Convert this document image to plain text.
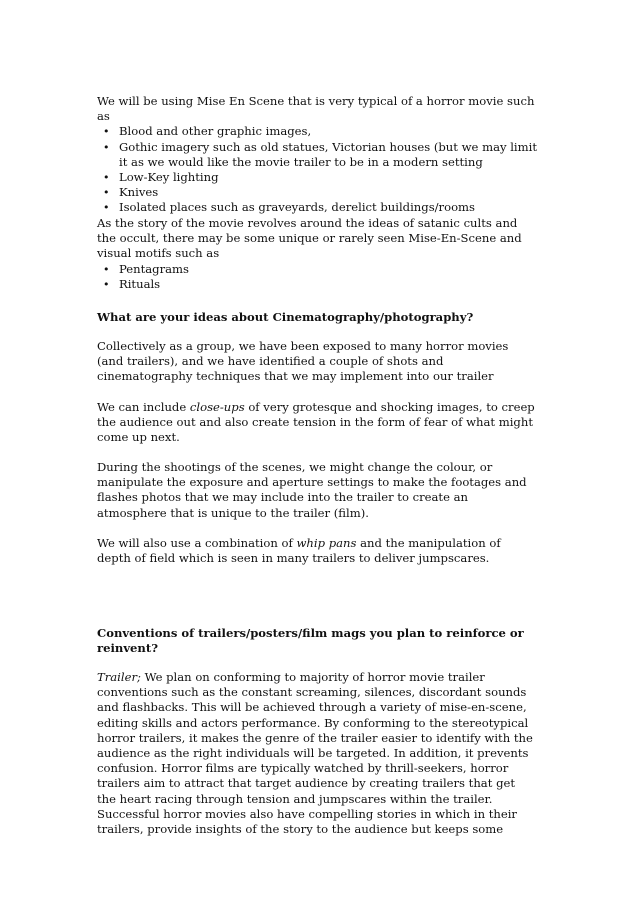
We will be using Mise En Scene that is very typical of a horror movie such as

• Blood and other graphic images,
• Gothic imagery such as old statues, Victorian houses (but we may limit it as we would like the movie trailer to be in a modern setting
• Low-Key lighting
• Knives
• Isolated places such as graveyards, derelict buildings/rooms

As the story of the movie revolves around the ideas of satanic cults and the occult, there may be some unique or rarely seen Mise-En-Scene and visual motifs such as

• Pentagrams
• Rituals

What are your ideas about Cinematography/photography?

Collectively as a group, we have been exposed to many horror movies (and trailers), and we have identified a couple of shots and cinematography techniques that we may implement into our trailer

We can include close-ups of very grotesque and shocking images, to creep the audience out and also create tension in the form of fear of what might come up next.

During the shootings of the scenes, we might change the colour, or manipulate the exposure and aperture settings to make the footages and flashes photos that we may include into the trailer to create an atmosphere that is unique to the trailer (film).

We will also use a combination of whip pans and the manipulation of depth of field which is seen in many trailers to deliver jumpscares.

Conventions of trailers/posters/film mags you plan to reinforce or reinvent?

Trailer; We plan on conforming to majority of horror movie trailer conventions such as the constant screaming, silences, discordant sounds and flashbacks. This will be achieved through a variety of mise-en-scene, editing skills and actors performance. By conforming to the stereotypical horror trailers, it makes the genre of the trailer easier to identify with the audience as the right individuals will be targeted. In addition, it prevents confusion. Horror films are typically watched by thrill-seekers, horror trailers aim to attract that target audience by creating trailers that get the heart racing through tension and jumpscares within the trailer. Successful horror movies also have compelling stories in which in their trailers, provide insights of the story to the audience but keeps some
